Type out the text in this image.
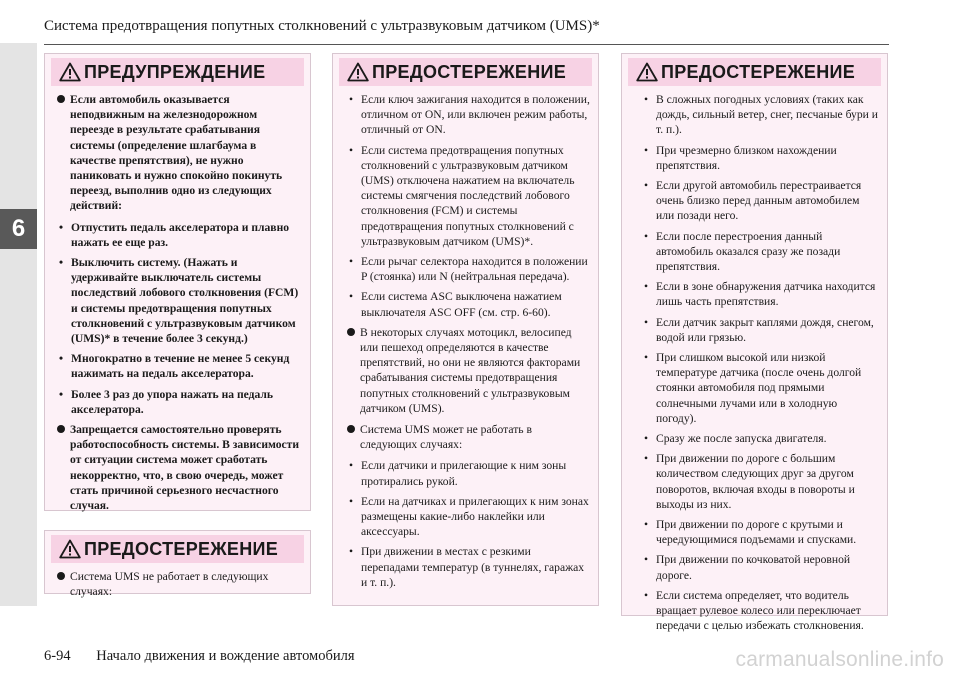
6
Система предотвращения попутных столкновений с ультразвуковым датчиком (UMS)*
ПРЕДУПРЕЖДЕНИЕ
Если автомобиль оказывается неподвижным на железнодорожном переезде в результате срабатывания системы (определение шлагбаума в качестве препятствия), не нужно паниковать и нужно спокойно покинуть переезд, выполнив одно из следующих действий:
• Отпустить педаль акселератора и плавно нажать ее еще раз.
• Выключить систему. (Нажать и удерживайте выключатель системы последствий лобового столкновения (FCM) и системы предотвращения попутных столкновений с ультразвуковым датчиком (UMS)* в течение более 3 секунд.)
• Многократно в течение не менее 5 секунд нажимать на педаль акселератора.
• Более 3 раз до упора нажать на педаль акселератора.
Запрещается самостоятельно проверять работоспособность системы. В зависимости от ситуации система может сработать некорректно, что, в свою очередь, может стать причиной серьезного несчастного случая.
ПРЕДОСТЕРЕЖЕНИЕ
Система UMS не работает в следующих случаях:
ПРЕДОСТЕРЕЖЕНИЕ
• Если ключ зажигания находится в положении, отличном от ON, или включен режим работы, отличный от ON.
• Если система предотвращения попутных столкновений с ультразвуковым датчиком (UMS) отключена нажатием на включатель системы смягчения последствий лобового столкновения (FCM) и системы предотвращения попутных столкновений с ультразвуковым датчиком (UMS)*.
• Если рычаг селектора находится в положении P (стоянка) или N (нейтральная передача).
• Если система ASC выключена нажатием выключателя ASC OFF (см. стр. 6-60).
В некоторых случаях мотоцикл, велосипед или пешеход определяются в качестве препятствий, но они не являются факторами срабатывания системы предотвращения попутных столкновений с ультразвуковым датчиком (UMS).
Система UMS может не работать в следующих случаях:
• Если датчики и прилегающие к ним зоны протирались рукой.
• Если на датчиках и прилегающих к ним зонах размещены какие-либо наклейки или аксессуары.
• При движении в местах с резкими перепадами температур (в туннелях, гаражах и т. п.).
ПРЕДОСТЕРЕЖЕНИЕ
• В сложных погодных условиях (таких как дождь, сильный ветер, снег, песчаные бури и т. п.).
• При чрезмерно близком нахождении препятствия.
• Если другой автомобиль перестраивается очень близко перед данным автомобилем или позади него.
• Если после перестроения данный автомобиль оказался сразу же позади препятствия.
• Если в зоне обнаружения датчика находится лишь часть препятствия.
• Если датчик закрыт каплями дождя, снегом, водой или грязью.
• При слишком высокой или низкой температуре датчика (после очень долгой стоянки автомобиля под прямыми солнечными лучами или в холодную погоду).
• Сразу же после запуска двигателя.
• При движении по дороге с большим количеством следующих друг за другом поворотов, включая входы в повороты и выходы из них.
• При движении по дороге с крутыми и чередующимися подъемами и спусками.
• При движении по кочковатой неровной дороге.
• Если система определяет, что водитель вращает рулевое колесо или переключает передачи с целью избежать столкновения.
6-94 Начало движения и вождение автомобиля	carmanualsonline.info
